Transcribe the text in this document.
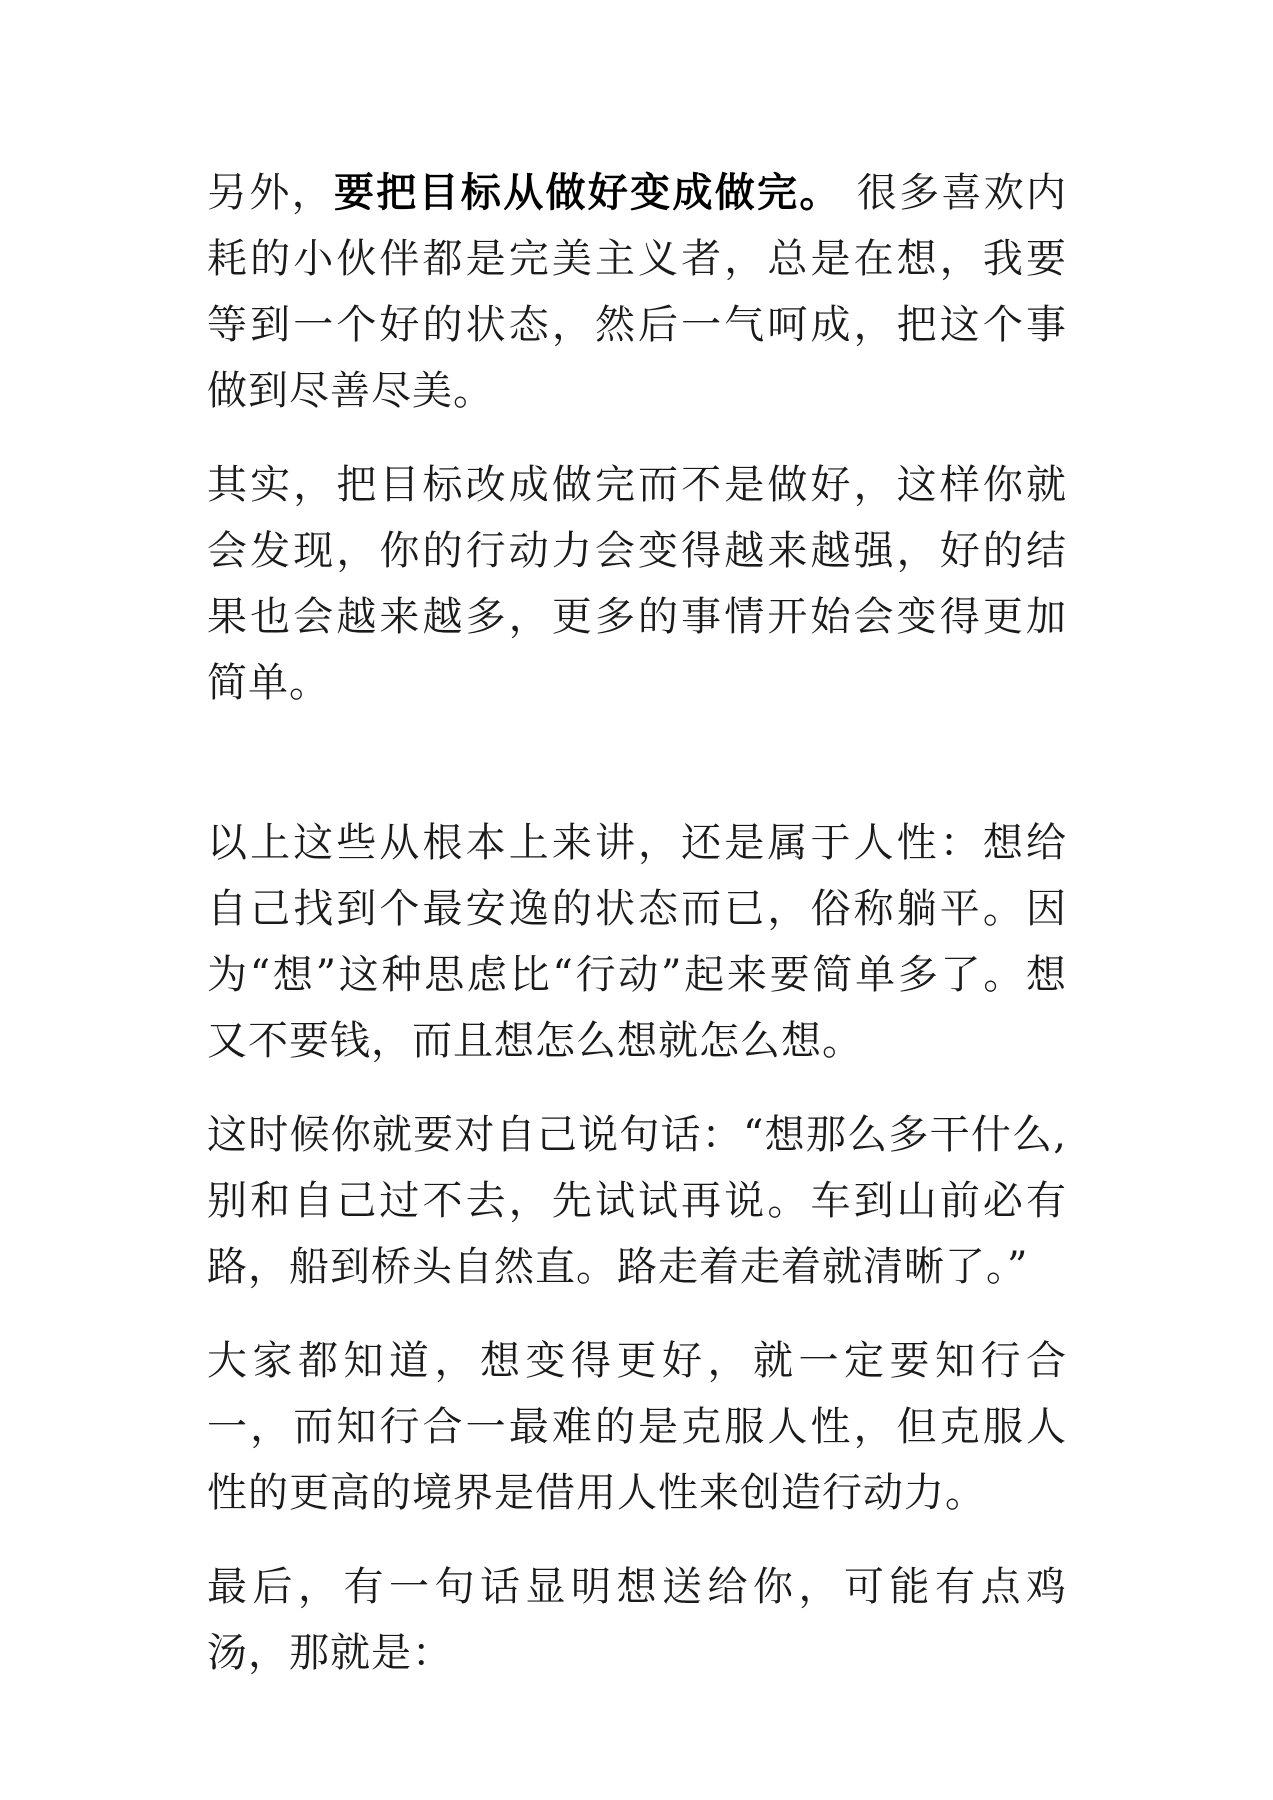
另外，要把目标从做好变成做完。 很多喜欢内耗的小伙伴都是完美主义者，总是在想，我要等到一个好的状态，然后一气呵成，把这个事做到尽善尽美。

其实，把目标改成做完而不是做好，这样你就会发现，你的行动力会变得越来越强，好的结果也会越来越多，更多的事情开始会变得更加简单。

以上这些从根本上来讲，还是属于人性：想给自己找到个最安逸的状态而已，俗称躺平。因为“想”这种思虑比“行动”起来要简单多了。想又不要钱，而且想怎么想就怎么想。

这时候你就要对自己说句话：“想那么多干什么,别和自己过不去，先试试再说。车到山前必有路，船到桥头自然直。路走着走着就清晰了。”

大家都知道，想变得更好，就一定要知行合一，而知行合一最难的是克服人性，但克服人性的更高的境界是借用人性来创造行动力。

最后，有一句话显明想送给你，可能有点鸡汤，那就是：
